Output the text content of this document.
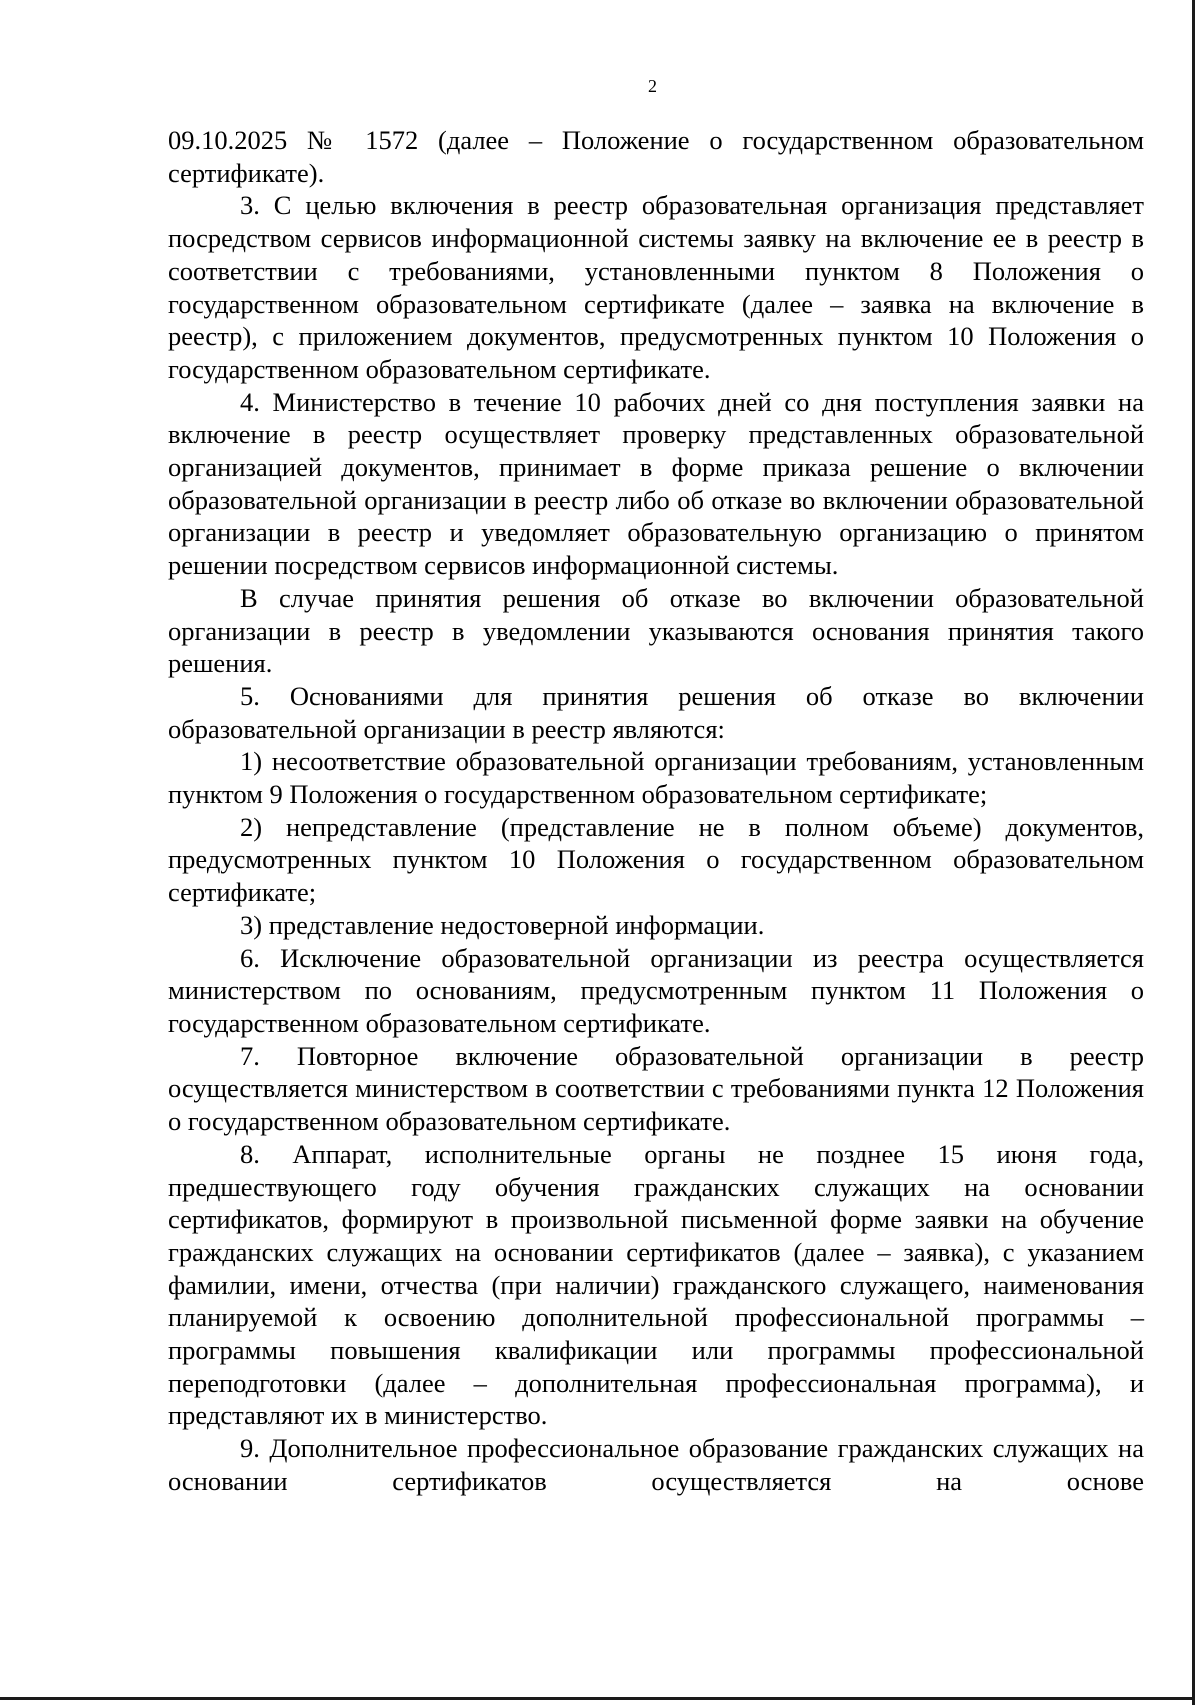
2

09.10.2025 № 1572 (далее – Положение о государственном образовательном сертификате).

3. С целью включения в реестр образовательная организация представляет посредством сервисов информационной системы заявку на включение ее в реестр в соответствии с требованиями, установленными пунктом 8 Положения о государственном образовательном сертификате (далее – заявка на включение в реестр), с приложением документов, предусмотренных пунктом 10 Положения о государственном образовательном сертификате.

4. Министерство в течение 10 рабочих дней со дня поступления заявки на включение в реестр осуществляет проверку представленных образовательной организацией документов, принимает в форме приказа решение о включении образовательной организации в реестр либо об отказе во включении образовательной организации в реестр и уведомляет образовательную организацию о принятом решении посредством сервисов информационной системы.

В случае принятия решения об отказе во включении образовательной организации в реестр в уведомлении указываются основания принятия такого решения.

5. Основаниями для принятия решения об отказе во включении образовательной организации в реестр являются:

1) несоответствие образовательной организации требованиям, установленным пунктом 9 Положения о государственном образовательном сертификате;

2) непредставление (представление не в полном объеме) документов, предусмотренных пунктом 10 Положения о государственном образовательном сертификате;

3) представление недостоверной информации.

6. Исключение образовательной организации из реестра осуществляется министерством по основаниям, предусмотренным пунктом 11 Положения о государственном образовательном сертификате.

7. Повторное включение образовательной организации в реестр осуществляется министерством в соответствии с требованиями пункта 12 Положения о государственном образовательном сертификате.

8. Аппарат, исполнительные органы не позднее 15 июня года, предшествующего году обучения гражданских служащих на основании сертификатов, формируют в произвольной письменной форме заявки на обучение гражданских служащих на основании сертификатов (далее – заявка), с указанием фамилии, имени, отчества (при наличии) гражданского служащего, наименования планируемой к освоению дополнительной профессиональной программы – программы повышения квалификации или программы профессиональной переподготовки (далее – дополнительная профессиональная программа), и представляют их в министерство.

9. Дополнительное профессиональное образование гражданских служащих на основании сертификатов осуществляется на основе
